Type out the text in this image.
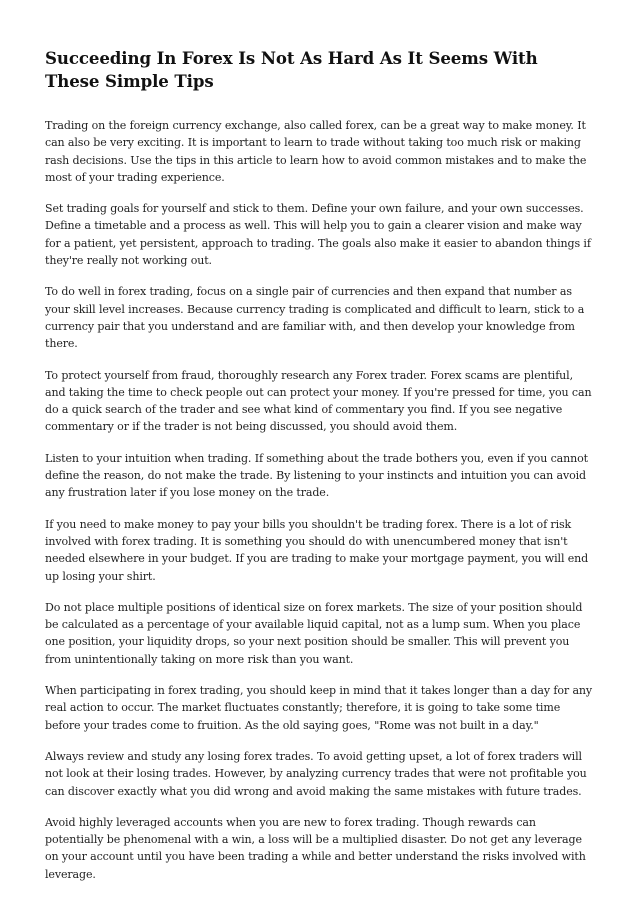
Succeeding In Forex Is Not As Hard As It Seems With These Simple Tips

Trading on the foreign currency exchange, also called forex, can be a great way to make money. It can also be very exciting. It is important to learn to trade without taking too much risk or making rash decisions. Use the tips in this article to learn how to avoid common mistakes and to make the most of your trading experience.

Set trading goals for yourself and stick to them. Define your own failure, and your own successes. Define a timetable and a process as well. This will help you to gain a clearer vision and make way for a patient, yet persistent, approach to trading. The goals also make it easier to abandon things if they're really not working out.

To do well in forex trading, focus on a single pair of currencies and then expand that number as your skill level increases. Because currency trading is complicated and difficult to learn, stick to a currency pair that you understand and are familiar with, and then develop your knowledge from there.

To protect yourself from fraud, thoroughly research any Forex trader. Forex scams are plentiful, and taking the time to check people out can protect your money. If you're pressed for time, you can do a quick search of the trader and see what kind of commentary you find. If you see negative commentary or if the trader is not being discussed, you should avoid them.

Listen to your intuition when trading. If something about the trade bothers you, even if you cannot define the reason, do not make the trade. By listening to your instincts and intuition you can avoid any frustration later if you lose money on the trade.

If you need to make money to pay your bills you shouldn't be trading forex. There is a lot of risk involved with forex trading. It is something you should do with unencumbered money that isn't needed elsewhere in your budget. If you are trading to make your mortgage payment, you will end up losing your shirt.

Do not place multiple positions of identical size on forex markets. The size of your position should be calculated as a percentage of your available liquid capital, not as a lump sum. When you place one position, your liquidity drops, so your next position should be smaller. This will prevent you from unintentionally taking on more risk than you want.

When participating in forex trading, you should keep in mind that it takes longer than a day for any real action to occur. The market fluctuates constantly; therefore, it is going to take some time before your trades come to fruition. As the old saying goes, "Rome was not built in a day."

Always review and study any losing forex trades. To avoid getting upset, a lot of forex traders will not look at their losing trades. However, by analyzing currency trades that were not profitable you can discover exactly what you did wrong and avoid making the same mistakes with future trades.

Avoid highly leveraged accounts when you are new to forex trading. Though rewards can potentially be phenomenal with a win, a loss will be a multiplied disaster. Do not get any leverage on your account until you have been trading a while and better understand the risks involved with leverage.
